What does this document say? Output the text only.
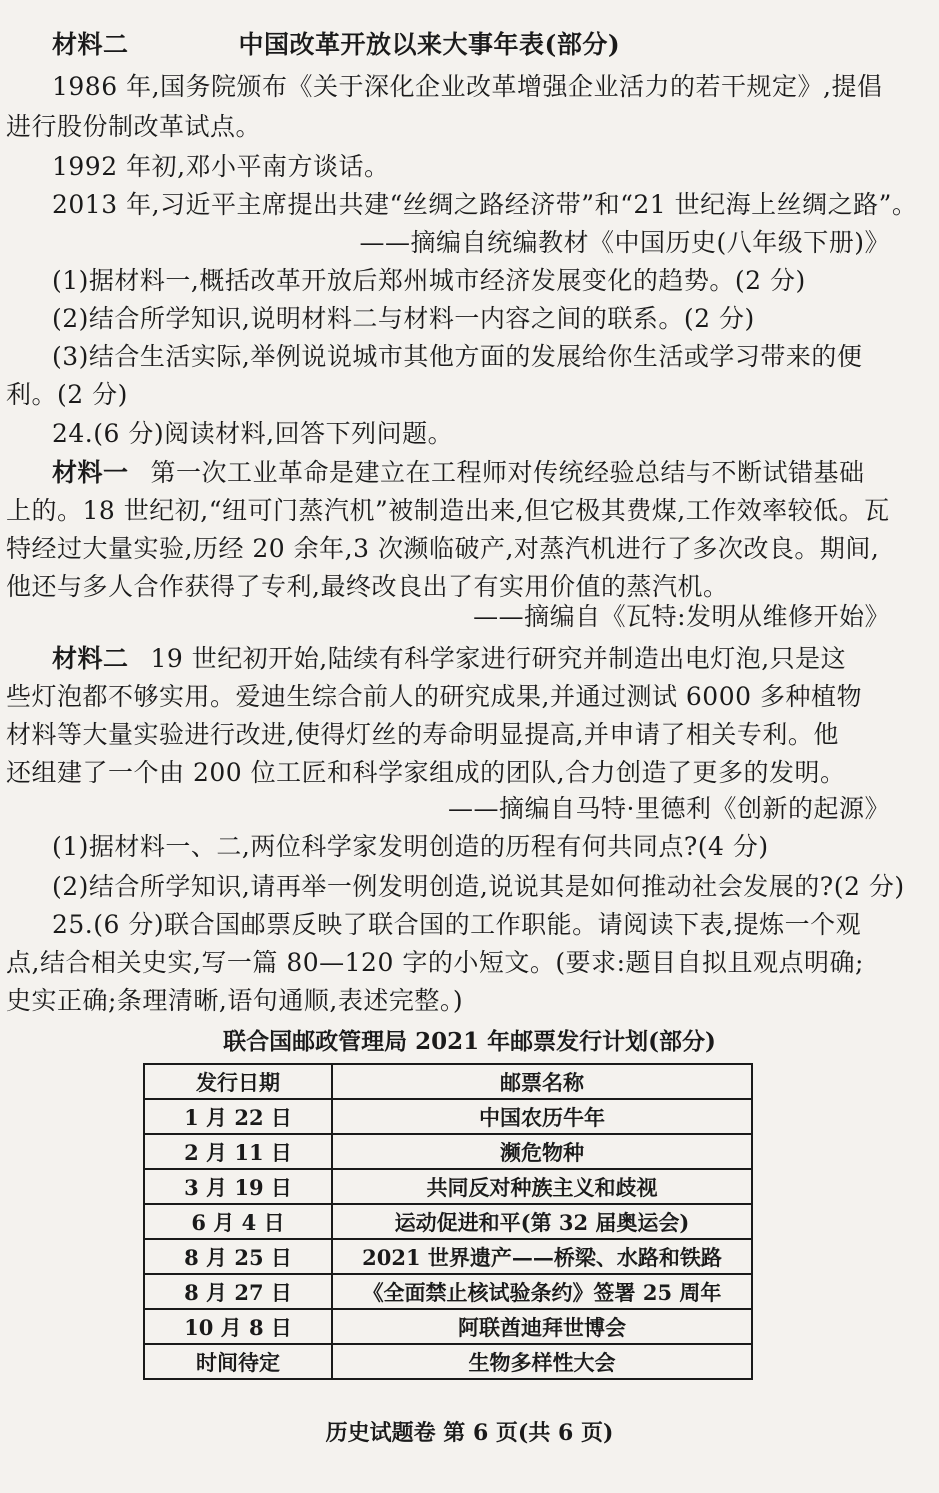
材料二	中国改革开放以来大事年表(部分)
1986 年,国务院颁布《关于深化企业改革增强企业活力的若干规定》,提倡
进行股份制改革试点。
1992 年初,邓小平南方谈话。
2013 年,习近平主席提出共建“丝绸之路经济带”和“21 世纪海上丝绸之路”。
——摘编自统编教材《中国历史(八年级下册)》
(1)据材料一,概括改革开放后郑州城市经济发展变化的趋势。(2 分)
(2)结合所学知识,说明材料二与材料一内容之间的联系。(2 分)
(3)结合生活实际,举例说说城市其他方面的发展给你生活或学习带来的便
利。(2 分)
24.(6 分)阅读材料,回答下列问题。
材料一 第一次工业革命是建立在工程师对传统经验总结与不断试错基础
上的。18 世纪初,“纽可门蒸汽机”被制造出来,但它极其费煤,工作效率较低。瓦
特经过大量实验,历经 20 余年,3 次濒临破产,对蒸汽机进行了多次改良。期间,
他还与多人合作获得了专利,最终改良出了有实用价值的蒸汽机。
——摘编自《瓦特:发明从维修开始》
材料二 19 世纪初开始,陆续有科学家进行研究并制造出电灯泡,只是这
些灯泡都不够实用。爱迪生综合前人的研究成果,并通过测试 6000 多种植物
材料等大量实验进行改进,使得灯丝的寿命明显提高,并申请了相关专利。他
还组建了一个由 200 位工匠和科学家组成的团队,合力创造了更多的发明。
——摘编自马特·里德利《创新的起源》
(1)据材料一、二,两位科学家发明创造的历程有何共同点?(4 分)
(2)结合所学知识,请再举一例发明创造,说说其是如何推动社会发展的?(2 分)
25.(6 分)联合国邮票反映了联合国的工作职能。请阅读下表,提炼一个观
点,结合相关史实,写一篇 80—120 字的小短文。(要求:题目自拟且观点明确;
史实正确;条理清晰,语句通顺,表述完整。)
联合国邮政管理局 2021 年邮票发行计划(部分)
发行日期	邮票名称
1 月 22 日	中国农历牛年
2 月 11 日	濒危物种
3 月 19 日	共同反对种族主义和歧视
6 月 4 日	运动促进和平(第 32 届奥运会)
8 月 25 日	2021 世界遗产——桥梁、水路和铁路
8 月 27 日	《全面禁止核试验条约》签署 25 周年
10 月 8 日	阿联酋迪拜世博会
时间待定	生物多样性大会
历史试题卷 第 6 页(共 6 页)
